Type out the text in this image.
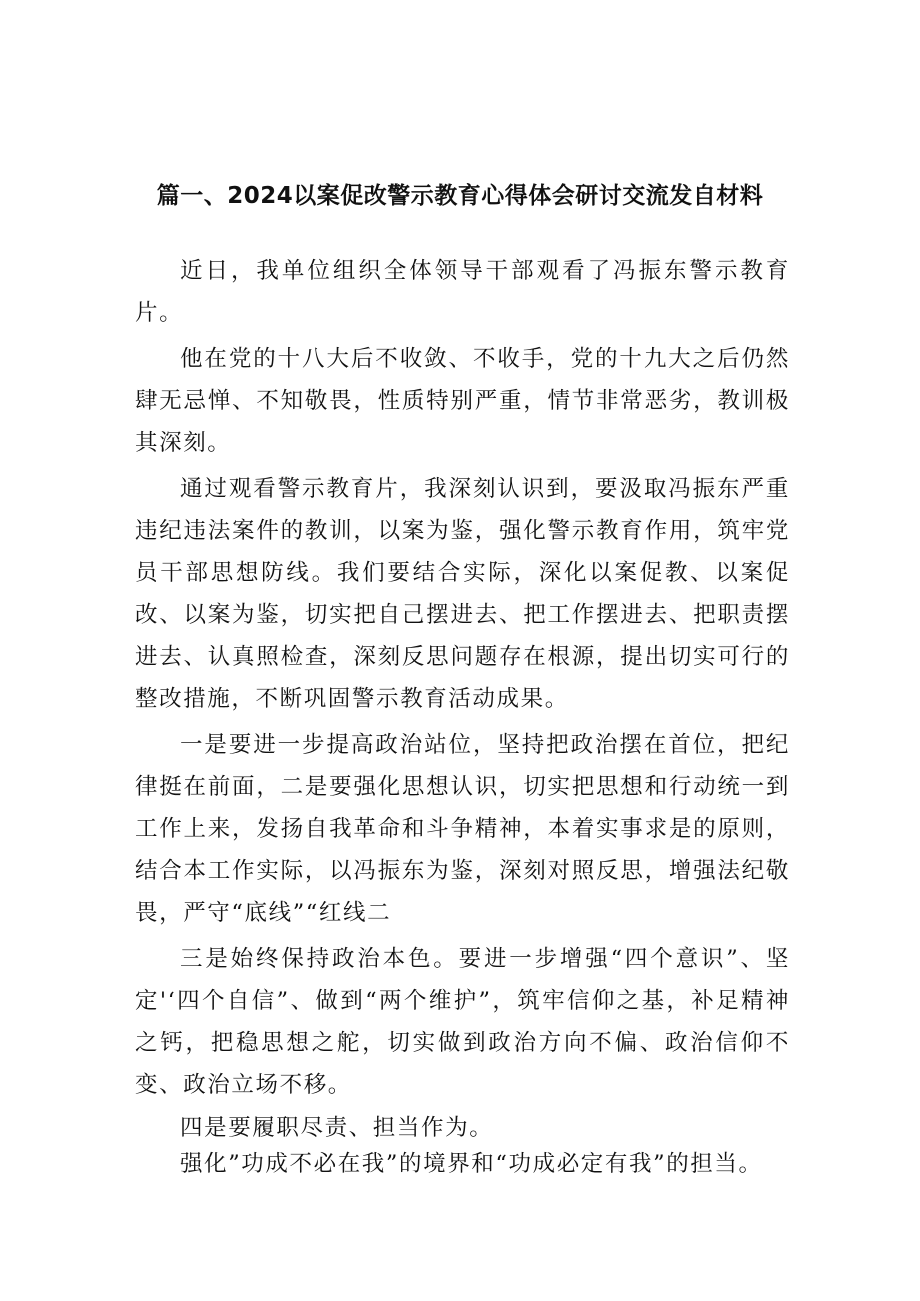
篇一、2024以案促改警示教育心得体会研讨交流发自材料

近日，我单位组织全体领导干部观看了冯振东警示教育片。

他在党的十八大后不收敛、不收手，党的十九大之后仍然肆无忌惮、不知敬畏，性质特别严重，情节非常恶劣，教训极其深刻。

通过观看警示教育片，我深刻认识到，要汲取冯振东严重违纪违法案件的教训，以案为鉴，强化警示教育作用，筑牢党员干部思想防线。我们要结合实际，深化以案促教、以案促改、以案为鉴，切实把自己摆进去、把工作摆进去、把职责摆进去、认真照检查，深刻反思问题存在根源，提出切实可行的整改措施，不断巩固警示教育活动成果。

一是要进一步提高政治站位，坚持把政治摆在首位，把纪律挺在前面，二是要强化思想认识，切实把思想和行动统一到工作上来，发扬自我革命和斗争精神，本着实事求是的原则，结合本工作实际，以冯振东为鉴，深刻对照反思，增强法纪敬畏，严守“底线”“红线二

三是始终保持政治本色。要进一步增强“四个意识”、坚定'‘四个自信”、做到“两个维护”，筑牢信仰之基，补足精神之钙，把稳思想之舵，切实做到政治方向不偏、政治信仰不变、政治立场不移。

四是要履职尽责、担当作为。

强化”功成不必在我”的境界和“功成必定有我”的担当。
